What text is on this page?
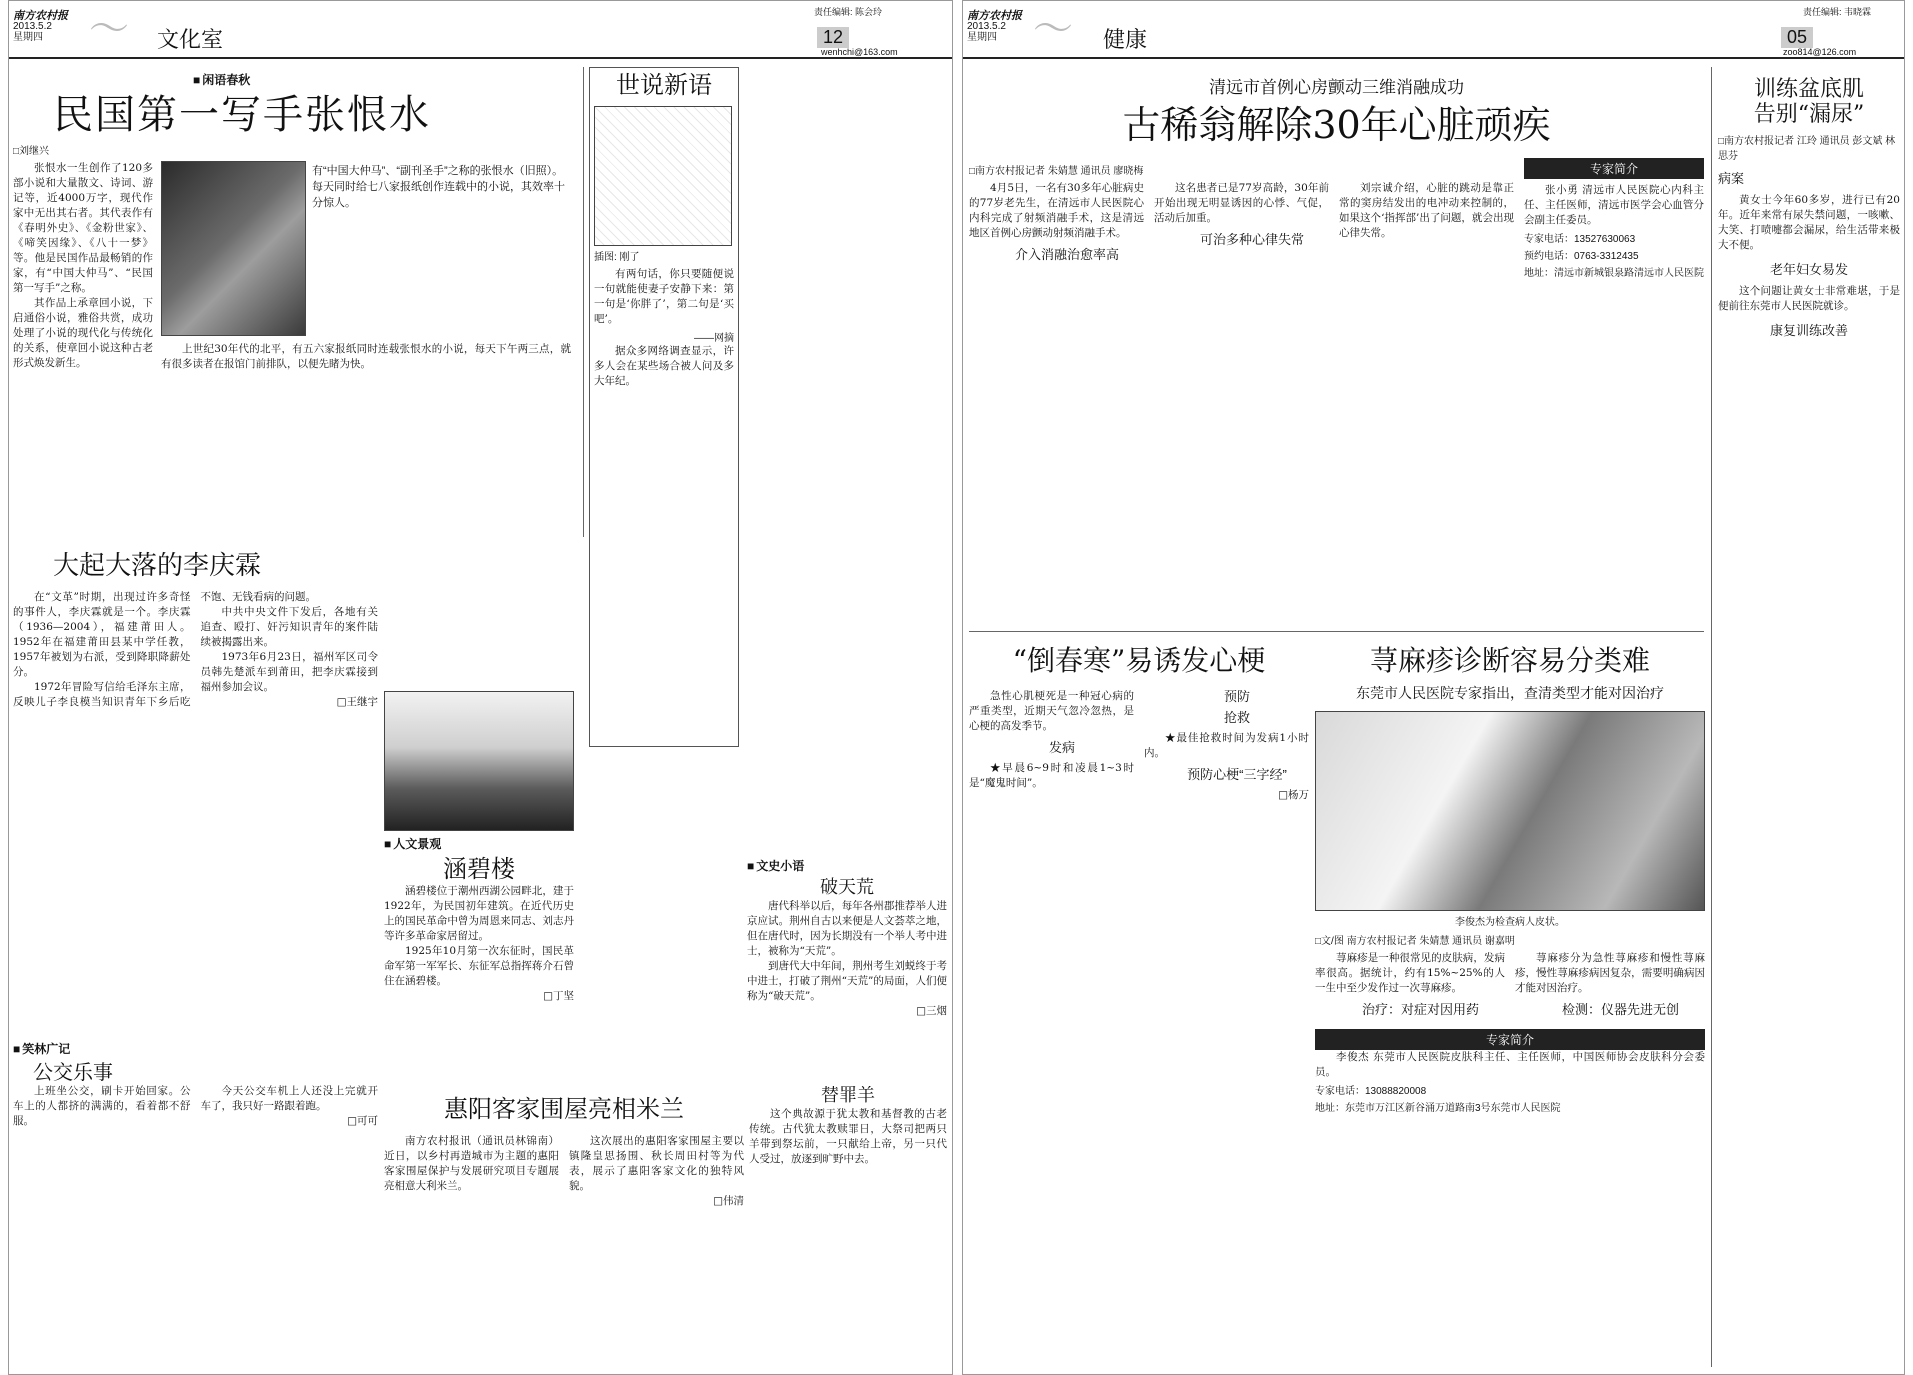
南方农村报
2013.5.2
星期四 〜 文化室
责任编辑: 陈会玲
12
wenhchi@163.com
■ 闲语春秋
民国第一写手张恨水
□刘继兴

张恨水一生创作了120多部小说和大量散文、诗词、游记等，近4000万字，现代作家中无出其右者。其代表作有《春明外史》、《金粉世家》、《啼笑因缘》、《八十一梦》等。他是民国作品最畅销的作家，有“中国大仲马”、“民国第一写手”之称。

其作品上承章回小说，下启通俗小说，雅俗共赏，成功处理了小说的现代化与传统化的关系，使章回小说这种古老形式焕发新生。

有“中国大仲马”、“副刊圣手”之称的张恨水（旧照）。每天同时给七八家报纸创作连载中的小说，其效率十分惊人。
上世纪30年代的北平，有五六家报纸同时连载张恨水的小说，每天下午两三点，就有很多读者在报馆门前排队，以便先睹为快。
世说新语
插图: 刚了
有两句话，你只要随便说一句就能使妻子安静下来：第一句是‘你胖了’，第二句是‘买吧’。
——网摘
据众多网络调查显示，许多人会在某些场合被人问及多大年纪。
大起大落的李庆霖

在“文革”时期，出现过许多奇怪的事件人，李庆霖就是一个。李庆霖（1936—2004），福建莆田人。1952年在福建莆田县某中学任教，1957年被划为右派，受到降职降薪处分。

1972年冒险写信给毛泽东主席，反映儿子李良模当知识青年下乡后吃不饱、无钱看病的问题。

中共中央文件下发后，各地有关追查、殴打、奸污知识青年的案件陆续被揭露出来。

1973年6月23日，福州军区司令员韩先楚派车到莆田，把李庆霖接到福州参加会议。

□王继宇

■ 人文景观
涵碧楼

涵碧楼位于潮州西湖公园畔北，建于1922年，为民国初年建筑。在近代历史上的国民革命中曾为周恩来同志、刘志丹等许多革命家居留过。

1925年10月第一次东征时，国民革命军第一军军长、东征军总指挥蒋介石曾住在涵碧楼。

□丁坚

■ 文史小语
破天荒

唐代科举以后，每年各州郡推荐举人进京应试。荆州自古以来便是人文荟萃之地，但在唐代时，因为长期没有一个举人考中进士，被称为“天荒”。

到唐代大中年间，荆州考生刘蜕终于考中进士，打破了荆州“天荒”的局面，人们便称为“破天荒”。

□三烟

惠阳客家围屋亮相米兰

南方农村报讯（通讯员林锦南）近日，以乡村再造城市为主题的惠阳客家围屋保护与发展研究项目专题展亮相意大利米兰。

这次展出的惠阳客家围屋主要以镇隆皇思扬围、秋长周田村等为代表，展示了惠阳客家文化的独特风貌。

□伟清

替罪羊
这个典故源于犹太教和基督教的古老传统。古代犹太教赎罪日，大祭司把两只羊带到祭坛前，一只献给上帝，另一只代人受过，放逐到旷野中去。
■ 笑林广记
公交乐事

上班坐公交，刷卡开始回家。公车上的人都挤的满满的，看着都不舒服。

今天公交车机上人还没上完就开车了，我只好一路跟着跑。

□可可

南方农村报
2013.5.2
星期四 〜 健康
责任编辑: 韦晓霖
05
zoo814@126.com
清远市首例心房颤动三维消融成功
古稀翁解除30年心脏顽疾
□南方农村报记者 朱婧慧 通讯员 廖晓梅

4月5日，一名有30多年心脏病史的77岁老先生，在清远市人民医院心内科完成了射频消融手术，这是清远地区首例心房颤动射频消融手术。

介入消融治愈率高

这名患者已是77岁高龄，30年前开始出现无明显诱因的心悸、气促，活动后加重。

可治多种心律失常

刘宗诚介绍，心脏的跳动是靠正常的窦房结发出的电冲动来控制的，如果这个‘指挥部’出了问题，就会出现心律失常。

专家简介
张小勇 清远市人民医院心内科主任、主任医师，清远市医学会心血管分会副主任委员。
专家电话：13527630063
预约电话：0763-3312435
地址：清远市新城银泉路清远市人民医院
训练盆底肌
告别“漏尿”
□南方农村报记者 江玲 通讯员 彭文斌 林思芬
病案
黄女士今年60多岁，进行已有20年。近年来常有尿失禁问题，一咳嗽、大笑、打喷嚏都会漏尿，给生活带来极大不便。
老年妇女易发
这个问题让黄女士非常难堪，于是便前往东莞市人民医院就诊。
康复训练改善
“倒春寒”易诱发心梗

急性心肌梗死是一种冠心病的严重类型，近期天气忽冷忽热，是心梗的高发季节。

发病

★早晨6~9时和凌晨1~3时是“魔鬼时间”。

预防
抢救

★最佳抢救时间为发病1小时内。

预防心梗“三字经”

□杨万

荨麻疹诊断容易分类难
东莞市人民医院专家指出，查清类型才能对因治疗
李俊杰为检查病人皮状。
□文/图 南方农村报记者 朱婧慧 通讯员 谢嘉明

荨麻疹是一种很常见的皮肤病，发病率很高。据统计，约有15%~25%的人一生中至少发作过一次荨麻疹。

治疗：对症对因用药

荨麻疹分为急性荨麻疹和慢性荨麻疹，慢性荨麻疹病因复杂，需要明确病因才能对因治疗。

检测：仪器先进无创
专家简介
李俊杰 东莞市人民医院皮肤科主任、主任医师，中国医师协会皮肤科分会委员。
专家电话：13088820008
地址：东莞市万江区新谷涌万道路南3号东莞市人民医院
